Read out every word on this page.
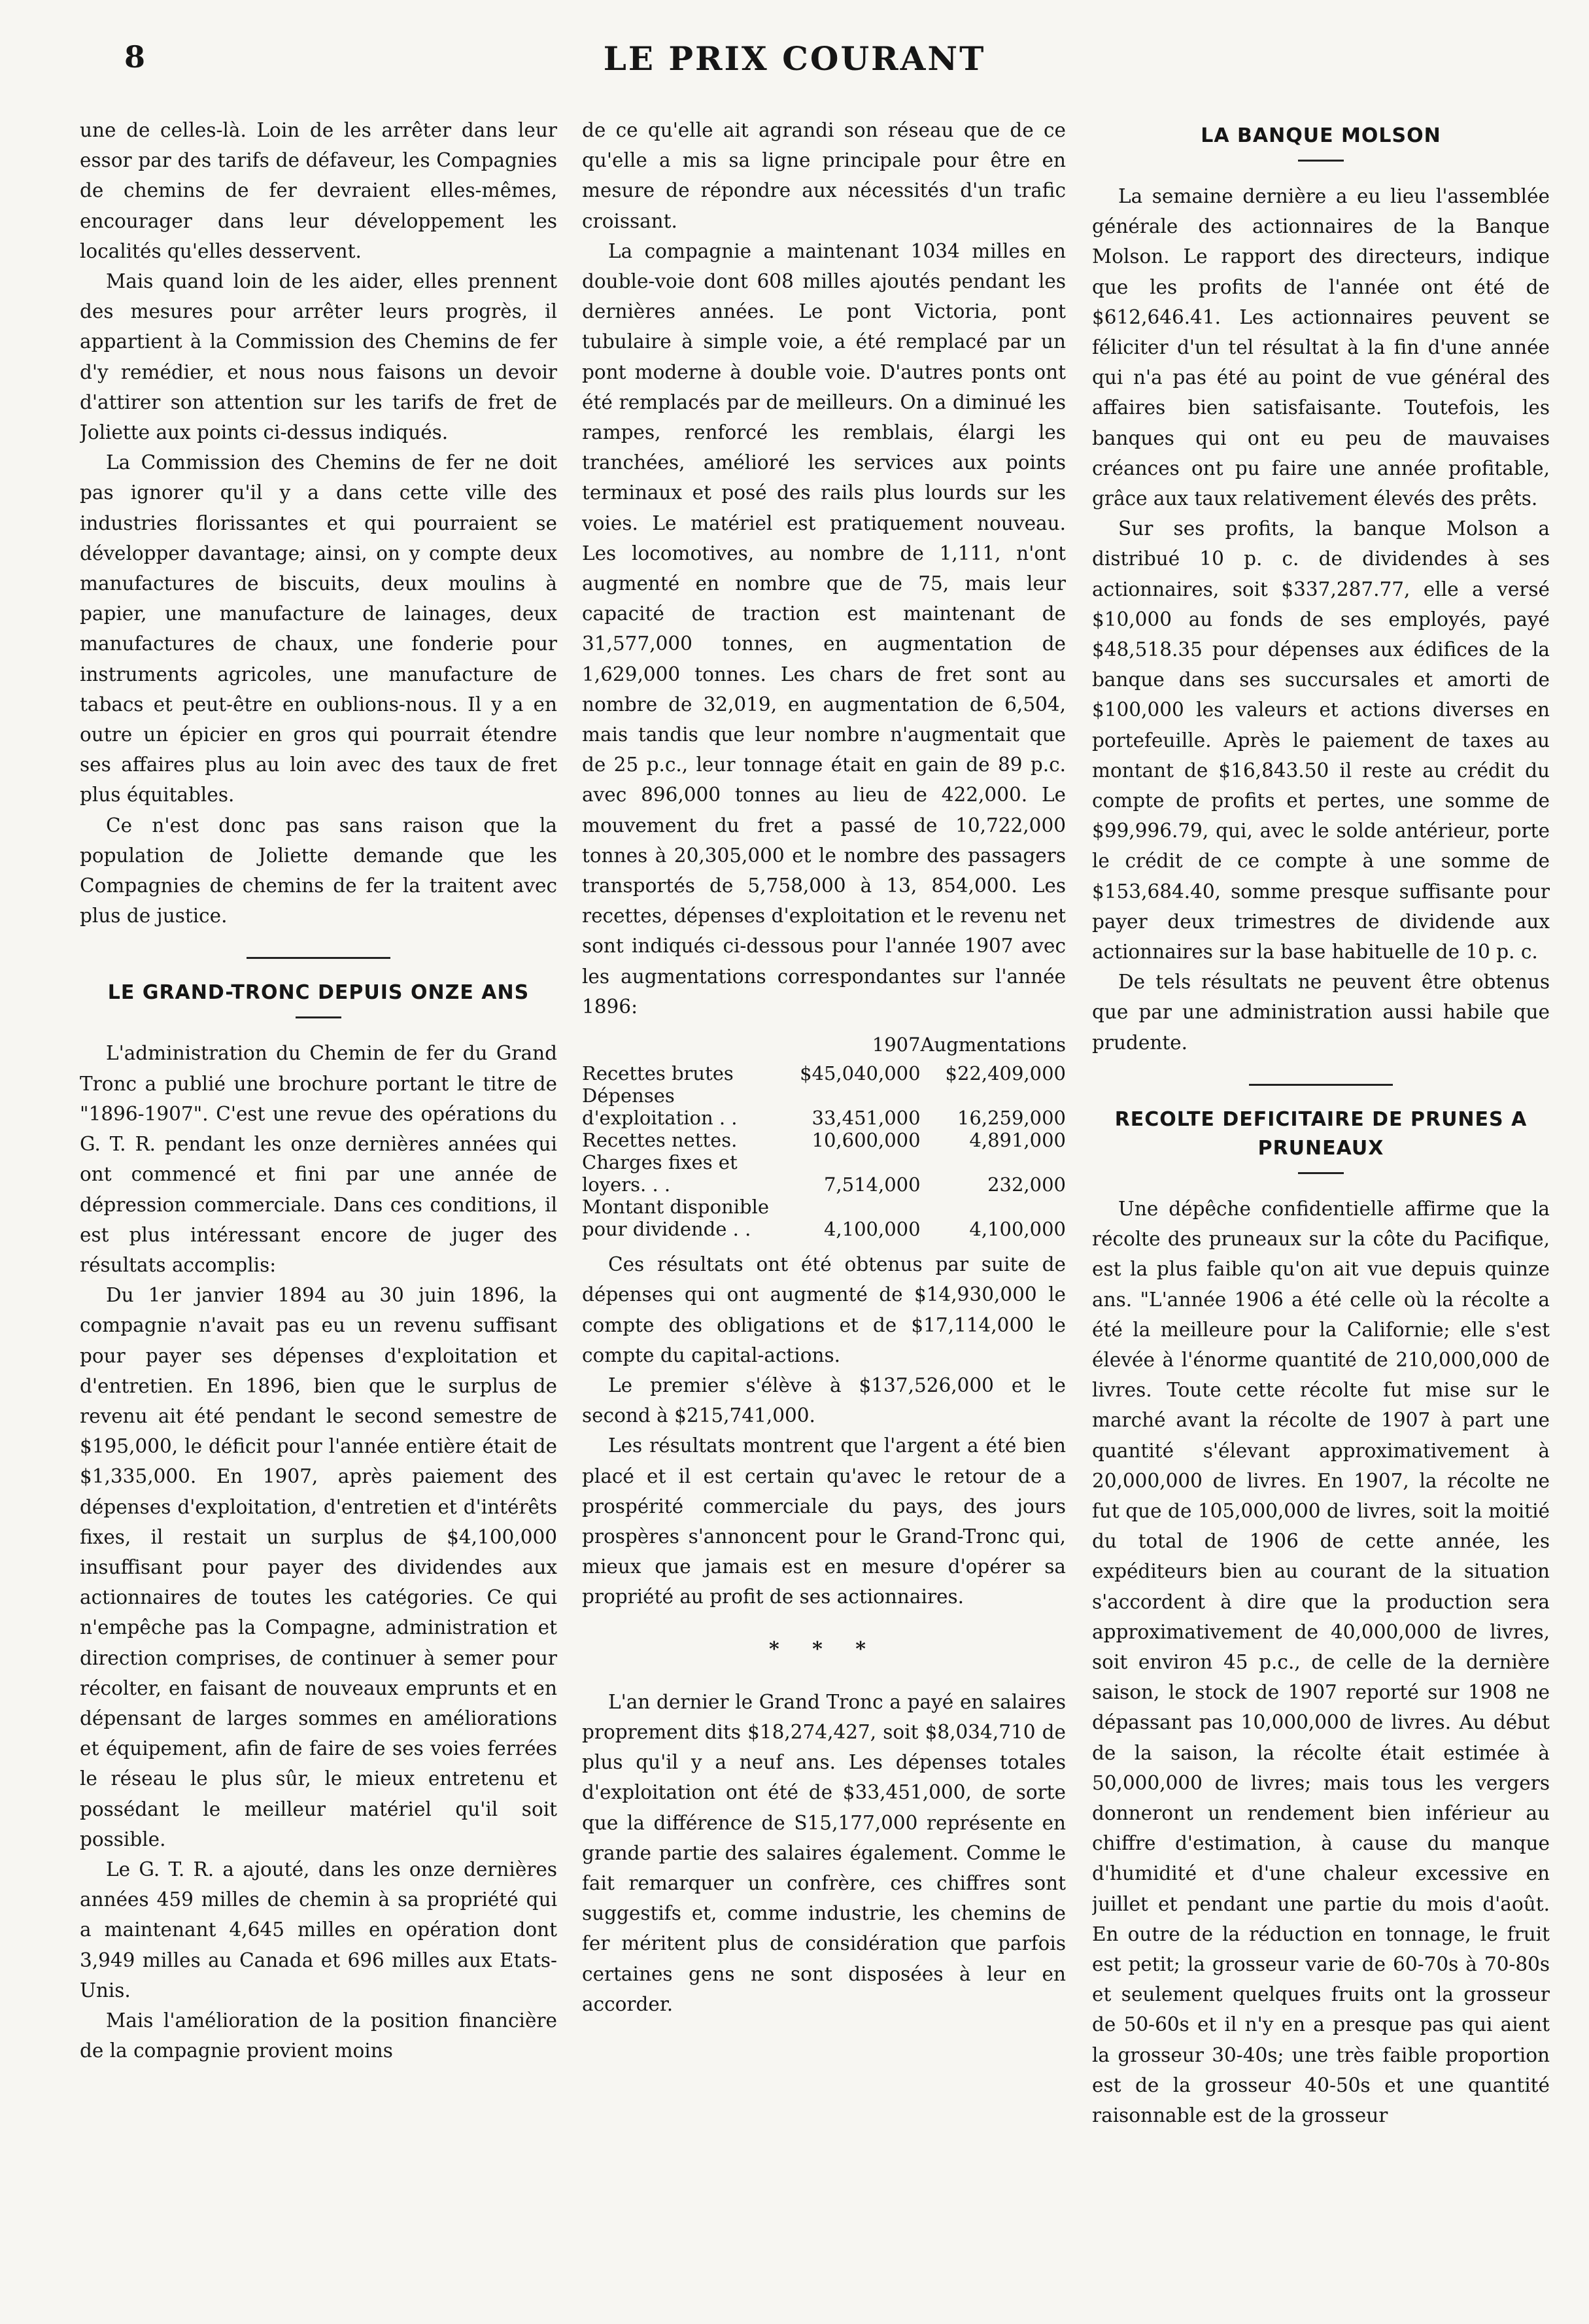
8	LE PRIX COURANT

une de celles-là. Loin de les arrêter dans leur essor par des tarifs de défaveur, les Compagnies de chemins de fer devraient elles-mêmes, encourager dans leur développement les localités qu'elles desservent.

Mais quand loin de les aider, elles prennent des mesures pour arrêter leurs progrès, il appartient à la Commission des Chemins de fer d'y remédier, et nous nous faisons un devoir d'attirer son attention sur les tarifs de fret de Joliette aux points ci-dessus indiqués.

La Commission des Chemins de fer ne doit pas ignorer qu'il y a dans cette ville des industries florissantes et qui pourraient se développer davantage; ainsi, on y compte deux manufactures de biscuits, deux moulins à papier, une manufacture de lainages, deux manufactures de chaux, une fonderie pour instruments agricoles, une manufacture de tabacs et peut-être en oublions-nous. Il y a en outre un épicier en gros qui pourrait étendre ses affaires plus au loin avec des taux de fret plus équitables.

Ce n'est donc pas sans raison que la population de Joliette demande que les Compagnies de chemins de fer la traitent avec plus de justice.

LE GRAND-TRONC DEPUIS ONZE ANS

L'administration du Chemin de fer du Grand Tronc a publié une brochure portant le titre de "1896-1907". C'est une revue des opérations du G. T. R. pendant les onze dernières années qui ont commencé et fini par une année de dépression commerciale. Dans ces conditions, il est plus intéressant encore de juger des résultats accomplis:

Du 1er janvier 1894 au 30 juin 1896, la compagnie n'avait pas eu un revenu suffisant pour payer ses dépenses d'exploitation et d'entretien. En 1896, bien que le surplus de revenu ait été pendant le second semestre de $195,000, le déficit pour l'année entière était de $1,335,000. En 1907, après paiement des dépenses d'exploitation, d'entretien et d'intérêts fixes, il restait un surplus de $4,100,000 insuffisant pour payer des dividendes aux actionnaires de toutes les catégories. Ce qui n'empêche pas la Compagne, administration et direction comprises, de continuer à semer pour récolter, en faisant de nouveaux emprunts et en dépensant de larges sommes en améliorations et équipement, afin de faire de ses voies ferrées le réseau le plus sûr, le mieux entretenu et possédant le meilleur matériel qu'il soit possible.

Le G. T. R. a ajouté, dans les onze dernières années 459 milles de chemin à sa propriété qui a maintenant 4,645 milles en opération dont 3,949 milles au Canada et 696 milles aux Etats-Unis.

Mais l'amélioration de la position financière de la compagnie provient moins

de ce qu'elle ait agrandi son réseau que de ce qu'elle a mis sa ligne principale pour être en mesure de répondre aux nécessités d'un trafic croissant.

La compagnie a maintenant 1034 milles en double-voie dont 608 milles ajoutés pendant les dernières années. Le pont Victoria, pont tubulaire à simple voie, a été remplacé par un pont moderne à double voie. D'autres ponts ont été remplacés par de meilleurs. On a diminué les rampes, renforcé les remblais, élargi les tranchées, amélioré les services aux points terminaux et posé des rails plus lourds sur les voies. Le matériel est pratiquement nouveau. Les locomotives, au nombre de 1,111, n'ont augmenté en nombre que de 75, mais leur capacité de traction est maintenant de 31,577,000 tonnes, en augmentation de 1,629,000 tonnes. Les chars de fret sont au nombre de 32,019, en augmentation de 6,504, mais tandis que leur nombre n'augmentait que de 25 p.c., leur tonnage était en gain de 89 p.c. avec 896,000 tonnes au lieu de 422,000. Le mouvement du fret a passé de 10,722,000 tonnes à 20,305,000 et le nombre des passagers transportés de 5,758,000 à 13, 854,000. Les recettes, dépenses d'exploitation et le revenu net sont indiqués ci-dessous pour l'année 1907 avec les augmentations correspondantes sur l'année 1896:

	1907	Augmentations
Recettes brutes	$45,040,000	$22,409,000
Dépenses d'exploitation . .	33,451,000	16,259,000
Recettes nettes.	10,600,000	4,891,000
Charges fixes et loyers. . .	7,514,000	232,000
Montant disponible pour dividende . .	4,100,000	4,100,000

Ces résultats ont été obtenus par suite de dépenses qui ont augmenté de $14,930,000 le compte des obligations et de $17,114,000 le compte du capital-actions.

Le premier s'élève à $137,526,000 et le second à $215,741,000.

Les résultats montrent que l'argent a été bien placé et il est certain qu'avec le retour de a prospérité commerciale du pays, des jours prospères s'annoncent pour le Grand-Tronc qui, mieux que jamais est en mesure d'opérer sa propriété au profit de ses actionnaires.

* * *

L'an dernier le Grand Tronc a payé en salaires proprement dits $18,274,427, soit $8,034,710 de plus qu'il y a neuf ans. Les dépenses totales d'exploitation ont été de $33,451,000, de sorte que la différence de S15,177,000 représente en grande partie des salaires également. Comme le fait remarquer un confrère, ces chiffres sont suggestifs et, comme industrie, les chemins de fer méritent plus de considération que parfois certaines gens ne sont disposées à leur en accorder.

LA BANQUE MOLSON

La semaine dernière a eu lieu l'assemblée générale des actionnaires de la Banque Molson. Le rapport des directeurs, indique que les profits de l'année ont été de $612,646.41. Les actionnaires peuvent se féliciter d'un tel résultat à la fin d'une année qui n'a pas été au point de vue général des affaires bien satisfaisante. Toutefois, les banques qui ont eu peu de mauvaises créances ont pu faire une année profitable, grâce aux taux relativement élevés des prêts.

Sur ses profits, la banque Molson a distribué 10 p. c. de dividendes à ses actionnaires, soit $337,287.77, elle a versé $10,000 au fonds de ses employés, payé $48,518.35 pour dépenses aux édifices de la banque dans ses succursales et amorti de $100,000 les valeurs et actions diverses en portefeuille. Après le paiement de taxes au montant de $16,843.50 il reste au crédit du compte de profits et pertes, une somme de $99,996.79, qui, avec le solde antérieur, porte le crédit de ce compte à une somme de $153,684.40, somme presque suffisante pour payer deux trimestres de dividende aux actionnaires sur la base habituelle de 10 p. c.

De tels résultats ne peuvent être obtenus que par une administration aussi habile que prudente.

RECOLTE DEFICITAIRE DE PRUNES A PRUNEAUX

Une dépêche confidentielle affirme que la récolte des pruneaux sur la côte du Pacifique, est la plus faible qu'on ait vue depuis quinze ans. "L'année 1906 a été celle où la récolte a été la meilleure pour la Californie; elle s'est élevée à l'énorme quantité de 210,000,000 de livres. Toute cette récolte fut mise sur le marché avant la récolte de 1907 à part une quantité s'élevant approximativement à 20,000,000 de livres. En 1907, la récolte ne fut que de 105,000,000 de livres, soit la moitié du total de 1906 de cette année, les expéditeurs bien au courant de la situation s'accordent à dire que la production sera approximativement de 40,000,000 de livres, soit environ 45 p.c., de celle de la dernière saison, le stock de 1907 reporté sur 1908 ne dépassant pas 10,000,000 de livres. Au début de la saison, la récolte était estimée à 50,000,000 de livres; mais tous les vergers donneront un rendement bien inférieur au chiffre d'estimation, à cause du manque d'humidité et d'une chaleur excessive en juillet et pendant une partie du mois d'août. En outre de la réduction en tonnage, le fruit est petit; la grosseur varie de 60-70s à 70-80s et seulement quelques fruits ont la grosseur de 50-60s et il n'y en a presque pas qui aient la grosseur 30-40s; une très faible proportion est de la grosseur 40-50s et une quantité raisonnable est de la grosseur
